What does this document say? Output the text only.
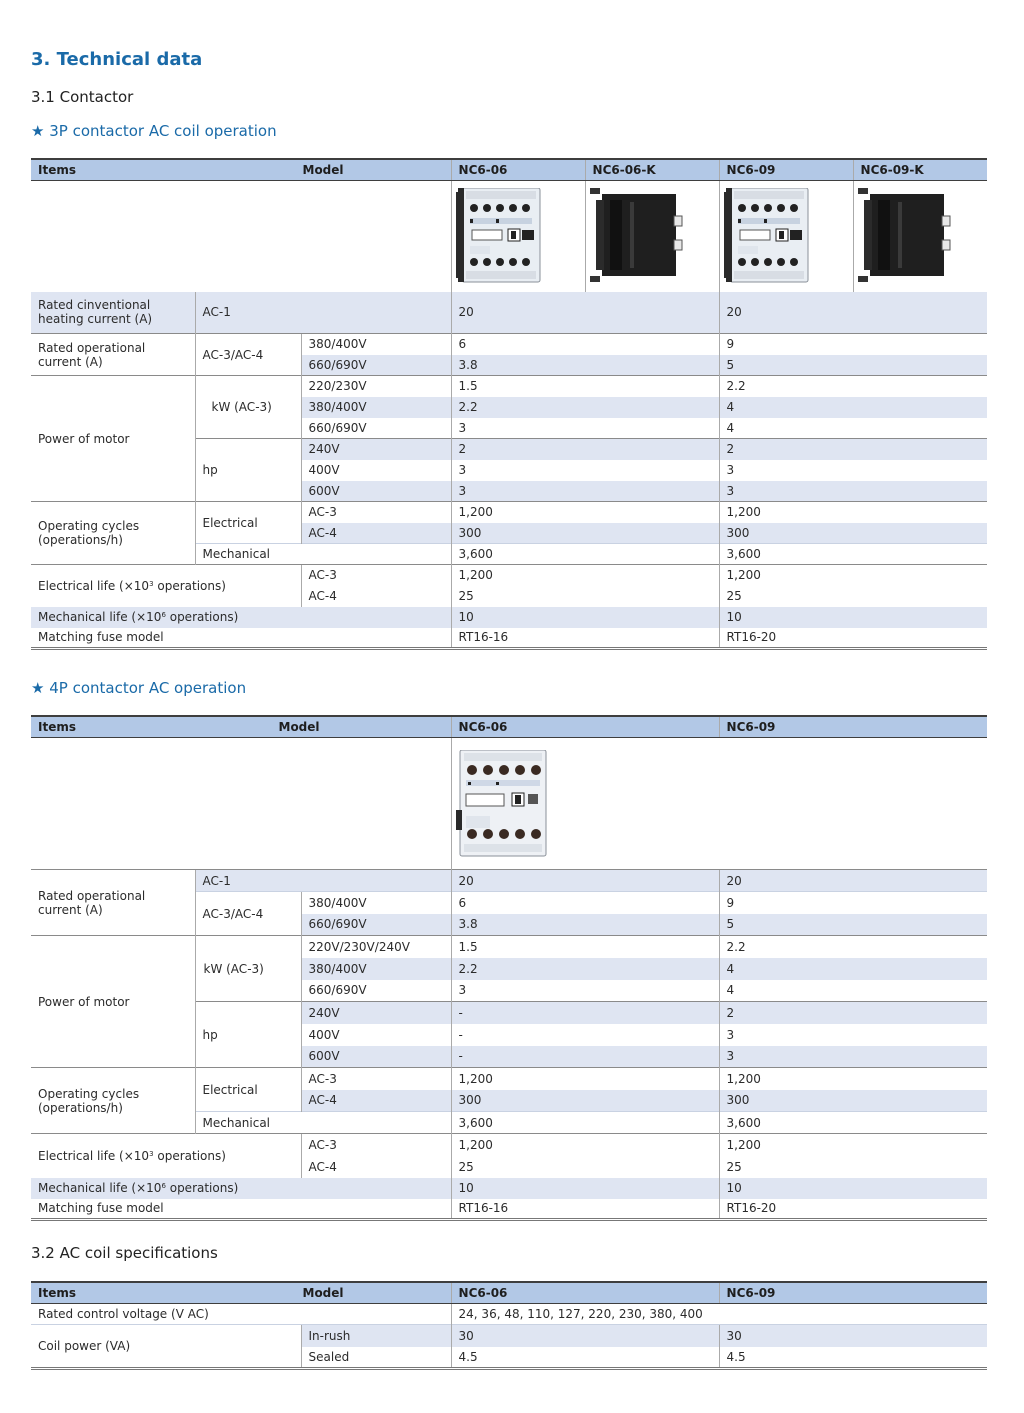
3. Technical data
3.1 Contactor
★ 3P contactor AC coil operation
Items Model			NC6-06	NC6-06-K	NC6-09	NC6-09-K

Rated cinventional heating current (A)	AC-1		20		20	
Rated operational current (A)	AC-3/AC-4	380/400V	6		9	
		660/690V	3.8		5	
Power of motor	kW (AC-3)	220/230V	1.5		2.2	
		380/400V	2.2		4	
		660/690V	3		4	
	hp	240V	2		2	
		400V	3		3	
		600V	3		3	
Operating cycles (operations/h)	Electrical	AC-3	1,200		1,200	
		AC-4	300		300	
	Mechanical		3,600		3,600	
Electrical life ($\times 10^3$ operations)		AC-3	1,200		1,200	
		AC-4	25		25	
Mechanical life ($\times 10^6$ operations)			10		10	
Matching fuse model			RT16-16		RT16-20	
★ 4P contactor AC operation
Items Model			NC6-06	NC6-09

Rated operational current (A)	AC-1		20	20
	AC-3/AC-4	380/400V	6	9
		660/690V	3.8	5
Power of motor	kW (AC-3)	220V/230V/240V	1.5	2.2
		380/400V	2.2	4
		660/690V	3	4
	hp	240V	-	2
		400V	-	3
		600V	-	3
Operating cycles (operations/h)	Electrical	AC-3	1,200	1,200
		AC-4	300	300
	Mechanical		3,600	3,600
Electrical life ($\times 10^3$ operations)		AC-3	1,200	1,200
		AC-4	25	25
Mechanical life ($\times 10^6$ operations)			10	10
Matching fuse model			RT16-16	RT16-20
3.2 AC coil specifications
Items Model		NC6-06	NC6-09
Rated control voltage (V AC)		24, 36, 48, 110, 127, 220, 230, 380, 400	
Coil power (VA)	In-rush	30	30
	Sealed	4.5	4.5
